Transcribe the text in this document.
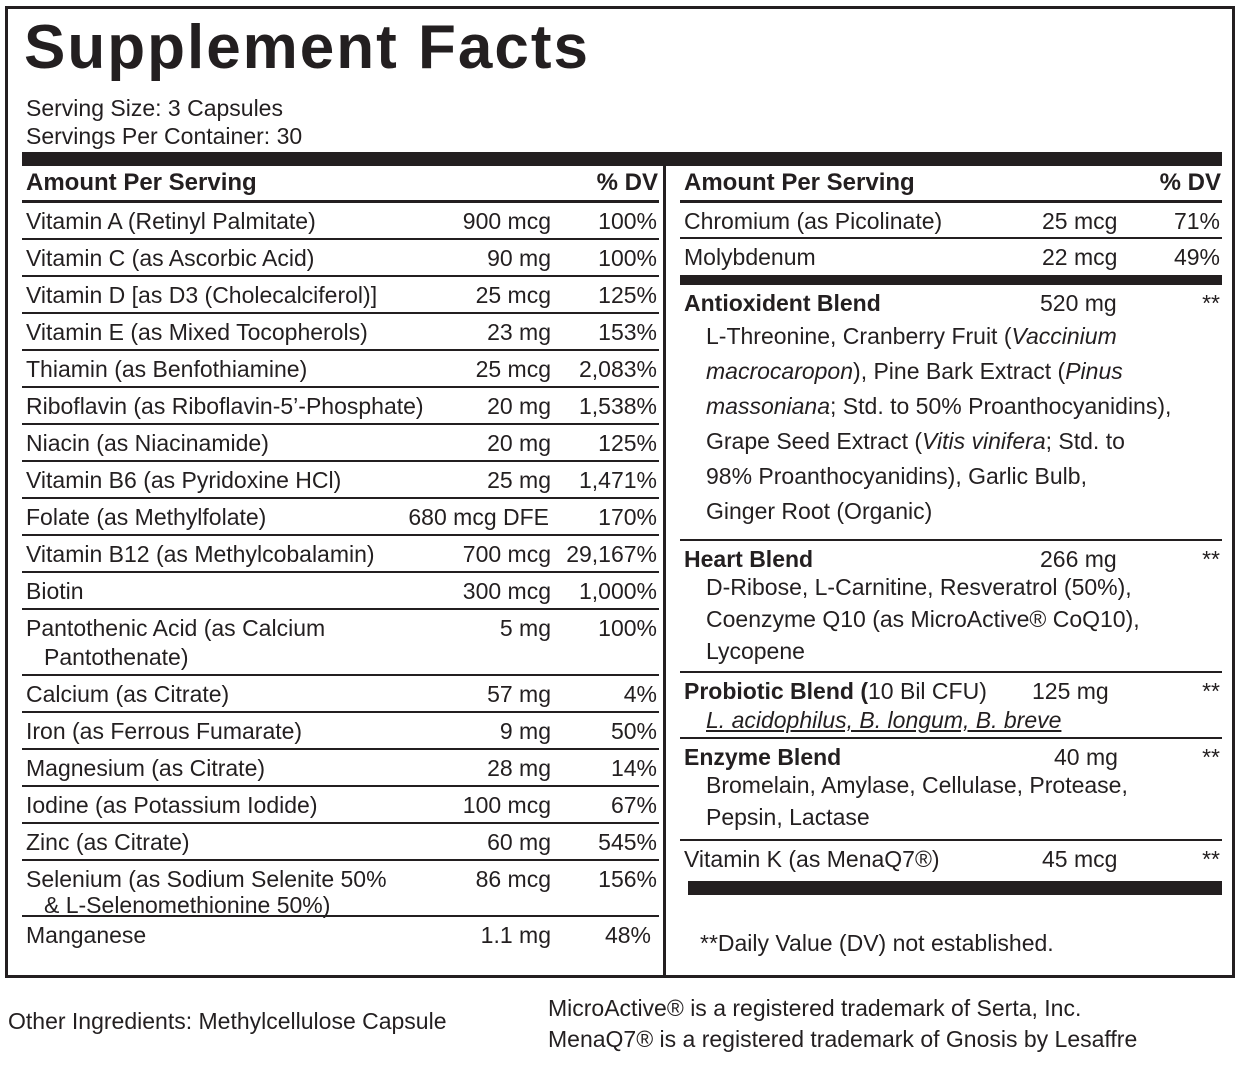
Supplement Facts
Serving Size: 3 Capsules
Servings Per Container: 30
Amount Per Serving	% DV
Vitamin A (Retinyl Palmitate)	900 mcg 100%
Vitamin C (as Ascorbic Acid)	90 mg 100%
Vitamin D [as D3 (Cholecalciferol)]	25 mcg 125%
Vitamin E (as Mixed Tocopherols)	23 mg 153%
Thiamin (as Benfothiamine)	25 mcg 2,083%
Riboflavin (as Riboflavin-5’-Phosphate)	20 mg 1,538%
Niacin (as Niacinamide)	20 mg 125%
Vitamin B6 (as Pyridoxine HCl)	25 mg 1,471%
Folate (as Methylfolate)	680 mcg DFE 170%
Vitamin B12 (as Methylcobalamin)	700 mcg 29,167%
Biotin	300 mcg 1,000%
Pantothenic Acid (as Calcium
Pantothenate)
5 mg 100%
Calcium (as Citrate)	57 mg	4%
Iron (as Ferrous Fumarate)	9 mg	50%
Magnesium (as Citrate)	28 mg	14%
Iodine (as Potassium Iodide)	100 mcg	67%
Zinc (as Citrate)	60 mg 545%
Selenium (as Sodium Selenite 50%
& L-Selenomethionine 50%)
86 mcg 156%
Manganese	1.1 mg 48%
Amount Per Serving	% DV
Chromium (as Picolinate)	25 mcg 71%
Molybdenum	22 mcg 49%
Antioxident Blend	520 mg	**
L-Threonine, Cranberry Fruit (Vaccinium
macrocaropon), Pine Bark Extract (Pinus
massoniana; Std. to 50% Proanthocyanidins),
Grape Seed Extract (Vitis vinifera; Std. to
98% Proanthocyanidins), Garlic Bulb,
Ginger Root (Organic)
Heart Blend	266 mg	**
D-Ribose, L-Carnitine, Resveratrol (50%),
Coenzyme Q10 (as MicroActive® CoQ10),
Lycopene
Probiotic Blend (10 Bil CFU) 125 mg	**
L. acidophilus, B. longum, B. breve
Enzyme Blend	40 mg	**
Bromelain, Amylase, Cellulase, Protease,
Pepsin, Lactase
Vitamin K (as MenaQ7®)	45 mcg	**
**Daily Value (DV) not established.
Other Ingredients: Methylcellulose Capsule	MicroActive® is a registered trademark of Serta, Inc.
MenaQ7® is a registered trademark of Gnosis by Lesaffre
